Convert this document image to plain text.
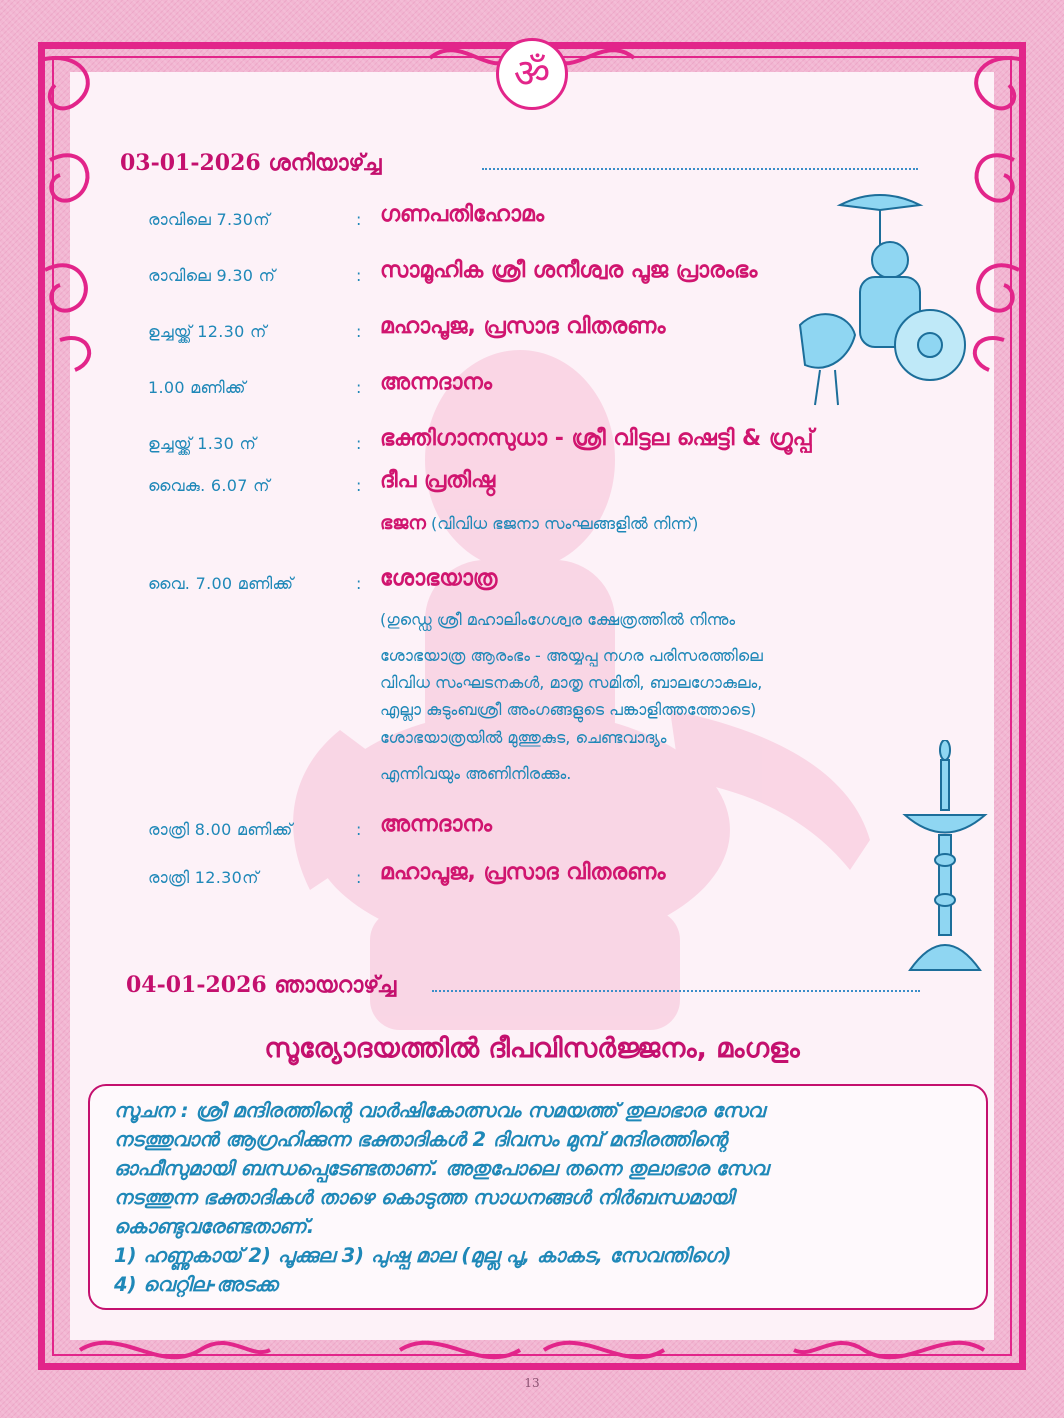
ॐ
03-01-2026 ശനിയാഴ്ച്ച
രാവിലെ 7.30ന്	: ഗണപതിഹോമം
രാവിലെ 9.30 ന്	: സാമൂഹിക ശ്രീ ശനീശ്വര പൂജ പ്രാരംഭം
ഉച്ചയ്ക്ക് 12.30 ന്	: മഹാപൂജ, പ്രസാദ വിതരണം
1.00 മണിക്ക്	: അന്നദാനം
ഉച്ചയ്ക്ക് 1.30 ന്	: ഭക്തിഗാനസുധാ - ശ്രീ വിട്ടല ഷെട്ടി & ഗ്രൂപ്പ്
വൈകു. 6.07 ന്	: ദീപ പ്രതിഷ്ഠ
ഭജന (വിവിധ ഭജനാ സംഘങ്ങളിൽ നിന്ന്)
വൈ. 7.00 മണിക്ക്	: ശോഭയാത്ര
(ഗുഡ്ഡെ ശ്രീ മഹാലിംഗേശ്വര ക്ഷേത്രത്തിൽ നിന്നും
ശോഭയാത്ര ആരംഭം - അയ്യപ്പ നഗര പരിസരത്തിലെ
വിവിധ സംഘടനകൾ, മാതൃ സമിതി, ബാലഗോകുലം,
എല്ലാ കുടുംബശ്രീ അംഗങ്ങളുടെ പങ്കാളിത്തത്തോടെ)
ശോഭയാത്രയിൽ മുത്തുകുട, ചെണ്ടവാദ്യം
എന്നിവയും അണിനിരക്കും.
രാത്രി 8.00 മണിക്ക്	: അന്നദാനം
രാത്രി 12.30ന്	: മഹാപൂജ, പ്രസാദ വിതരണം
04-01-2026 ഞായറാഴ്ച്ച
സൂര്യോദയത്തിൽ ദീപവിസർജ്ജനം, മംഗളം
സൂചന : ശ്രീ മന്ദിരത്തിന്റെ വാർഷികോത്സവം സമയത്ത് തുലാഭാര സേവ
നടത്തുവാൻ ആഗ്രഹിക്കുന്ന ഭക്താദികൾ 2 ദിവസം മുമ്പ് മന്ദിരത്തിന്റെ
ഓഫീസുമായി ബന്ധപ്പെടേണ്ടതാണ്. അതുപോലെ തന്നെ തുലാഭാര സേവ
നടത്തുന്ന ഭക്താദികൾ താഴെ കൊടുത്ത സാധനങ്ങൾ നിർബന്ധമായി
കൊണ്ടുവരേണ്ടതാണ്.
1) ഹണ്ണുകായ് 2) പൂക്കുല 3) പുഷ്പ മാല (മുല്ല പൂ, കാകട, സേവന്തിഗെ)
4) വെറ്റില-അടക്ക
13
